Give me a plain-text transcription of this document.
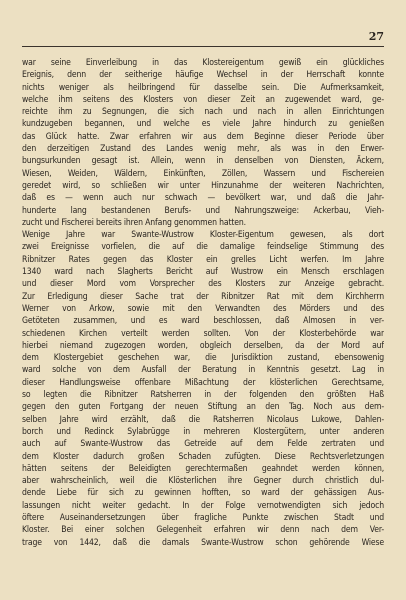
27
war seine Einverleibung in das Klostereigentum gewiß ein glückliches
Ereignis, denn der seitherige häufige Wechsel in der Herrschaft konnte
nichts weniger als heilbringend für dasselbe sein. Die Aufmerksamkeit,
welche ihm seitens des Klosters von dieser Zeit an zugewendet ward, ge-
reichte ihm zu Segnungen, die sich nach und nach in allen Einrichtungen
kundzugeben begannen, und welche es viele Jahre hindurch zu genießen
das Glück hatte. Zwar erfahren wir aus dem Beginne dieser Periode über
den derzeitigen Zustand des Landes wenig mehr, als was in den Erwer-
bungsurkunden gesagt ist. Allein, wenn in denselben von Diensten, Äckern,
Wiesen, Weiden, Wäldern, Einkünften, Zöllen, Wassern und Fischereien
geredet wird, so schließen wir unter Hinzunahme der weiteren Nachrichten,
daß es — wenn auch nur schwach — bevölkert war, und daß die Jahr-
hunderte lang bestandenen Berufs- und Nahrungszweige: Ackerbau, Vieh-
zucht und Fischerei bereits ihren Anfang genommen hatten.
Wenige Jahre war Swante-Wustrow Kloster-Eigentum gewesen, als dort
zwei Ereignisse vorfielen, die auf die damalige feindselige Stimmung des
Ribnitzer Rates gegen das Kloster ein grelles Licht werfen. Im Jahre
1340 ward nach Slagherts Bericht auf Wustrow ein Mensch erschlagen
und dieser Mord vom Vorsprecher des Klosters zur Anzeige gebracht.
Zur Erledigung dieser Sache trat der Ribnitzer Rat mit dem Kirchherrn
Werner von Arkow, sowie mit den Verwandten des Mörders und des
Getöteten zusammen, und es ward beschlossen, daß Almosen in ver-
schiedenen Kirchen verteilt werden sollten. Von der Klosterbehörde war
hierbei niemand zugezogen worden, obgleich derselben, da der Mord auf
dem Klostergebiet geschehen war, die Jurisdiktion zustand, ebensowenig
ward solche von dem Ausfall der Beratung in Kenntnis gesetzt. Lag in
dieser Handlungsweise offenbare Mißachtung der klösterlichen Gerechtsame,
so legten die Ribnitzer Ratsherren in der folgenden den größten Haß
gegen den guten Fortgang der neuen Stiftung an den Tag. Noch aus dem-
selben Jahre wird erzählt, daß die Ratsherren Nicolaus Lukowe, Dahlen-
borch und Redinck Sylabrügge in mehreren Klostergütern, unter anderen
auch auf Swante-Wustrow das Getreide auf dem Felde zertraten und
dem Kloster dadurch großen Schaden zufügten. Diese Rechtsverletzungen
hätten seitens der Beleidigten gerechtermaßen geahndet werden können,
aber wahrscheinlich, weil die Klösterlichen ihre Gegner durch christlich dul-
dende Liebe für sich zu gewinnen hofften, so ward der gehässigen Aus-
lassungen nicht weiter gedacht. In der Folge vernotwendigten sich jedoch
öftere Auseinandersetzungen über fragliche Punkte zwischen Stadt und
Kloster. Bei einer solchen Gelegenheit erfahren wir denn nach dem Ver-
trage von 1442, daß die damals Swante-Wustrow schon gehörende Wiese
